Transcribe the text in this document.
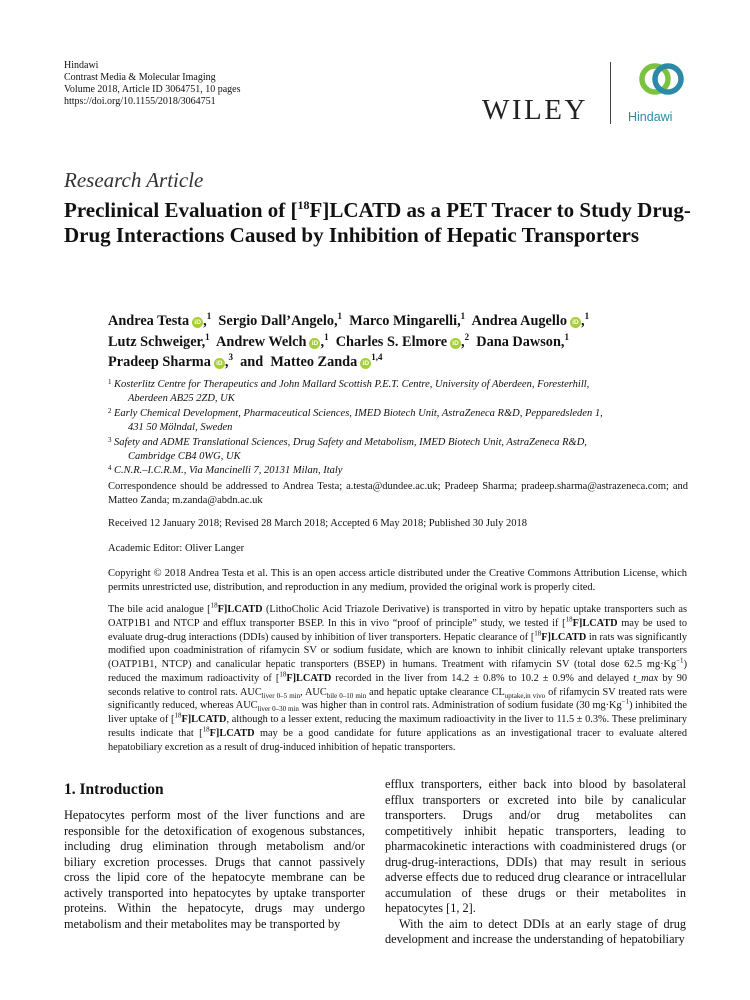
Hindawi
Contrast Media & Molecular Imaging
Volume 2018, Article ID 3064751, 10 pages
https://doi.org/10.1155/2018/3064751	WILEY	Hindawi
Research Article
Preclinical Evaluation of [$^{18}$F]LCATD as a PET Tracer to Study Drug-Drug Interactions Caused by Inhibition of Hepatic Transporters
Andrea Testa iD ,$^1$ Sergio Dall’Angelo,$^1$ Marco Mingarelli,$^1$ Andrea Augello iD ,$^1$
Lutz Schweiger,$^1$ Andrew Welch iD ,$^1$ Charles S. Elmore iD ,$^2$ Dana Dawson,$^1$
Pradeep Sharma iD ,$^3$ and Matteo Zanda iD$^{1,4}$
1 Kosterlitz Centre for Therapeutics and John Mallard Scottish P.E.T. Centre, University of Aberdeen, Foresterhill,
Aberdeen AB25 2ZD, UK
2 Early Chemical Development, Pharmaceutical Sciences, IMED Biotech Unit, AstraZeneca R&D, Pepparedsleden 1,
431 50 Mölndal, Sweden
3 Safety and ADME Translational Sciences, Drug Safety and Metabolism, IMED Biotech Unit, AstraZeneca R&D,
Cambridge CB4 0WG, UK
4 C.N.R.–I.C.R.M., Via Mancinelli 7, 20131 Milan, Italy
Correspondence should be addressed to Andrea Testa; a.testa@dundee.ac.uk; Pradeep Sharma; pradeep.sharma@astrazeneca.com; and Matteo Zanda; m.zanda@abdn.ac.uk
Received 12 January 2018; Revised 28 March 2018; Accepted 6 May 2018; Published 30 July 2018
Academic Editor: Oliver Langer
Copyright © 2018 Andrea Testa et al. This is an open access article distributed under the Creative Commons Attribution License, which permits unrestricted use, distribution, and reproduction in any medium, provided the original work is properly cited.
The bile acid analogue [$^{18}$F]LCATD (LithoCholic Acid Triazole Derivative) is transported in vitro by hepatic uptake transporters such as OATP1B1 and NTCP and efflux transporter BSEP. In this in vivo “proof of principle” study, we tested if [$^{18}$F]LCATD may be used to evaluate drug-drug interactions (DDIs) caused by inhibition of liver transporters. Hepatic clearance of [$^{18}$F]LCATD in rats was significantly modified upon coadministration of rifamycin SV or sodium fusidate, which are known to inhibit clinically relevant uptake transporters (OATP1B1, NTCP) and canalicular hepatic transporters (BSEP) in humans. Treatment with rifamycin SV (total dose 62.5 $mg\cdot Kg^{-1}$) reduced the maximum radioactivity of [$^{18}$F]LCATD recorded in the liver from 14.2 ± 0.8% to 10.2 ± 0.9% and delayed t_max by 90 seconds relative to control rats. $AUC_{liver 0-5 min}$, $AUC_{bile 0-10 min}$ and hepatic uptake clearance $CL_{uptake,in vivo}$ of rifamycin SV treated rats were significantly reduced, whereas $AUC_{liver 0-30 min}$ was higher than in control rats. Administration of sodium fusidate (30 $mg\cdot Kg^{-1}$) inhibited the liver uptake of [$^{18}$F]LCATD, although to a lesser extent, reducing the maximum radioactivity in the liver to 11.5 ± 0.3%. These preliminary results indicate that [$^{18}$F]LCATD may be a good candidate for future applications as an investigational tracer to evaluate altered hepatobiliary excretion as a result of drug-induced inhibition of hepatic transporters.
1. Introduction

Hepatocytes perform most of the liver functions and are responsible for the detoxification of exogenous substances, including drug elimination through metabolism and/or biliary excretion processes. Drugs that cannot passively cross the lipid core of the hepatocyte membrane can be actively transported into hepatocytes by uptake transporter proteins. Within the hepatocyte, drugs may undergo metabolism and their metabolites may be transported by

efflux transporters, either back into blood by basolateral efflux transporters or excreted into bile by canalicular transporters. Drugs and/or drug metabolites can competitively inhibit hepatic transporters, leading to pharmacokinetic interactions with coadministered drugs (or drug-drug-interactions, DDIs) that may result in serious adverse effects due to reduced drug clearance or intracellular accumulation of these drugs or their metabolites in hepatocytes [1, 2].

With the aim to detect DDIs at an early stage of drug development and increase the understanding of hepatobiliary
